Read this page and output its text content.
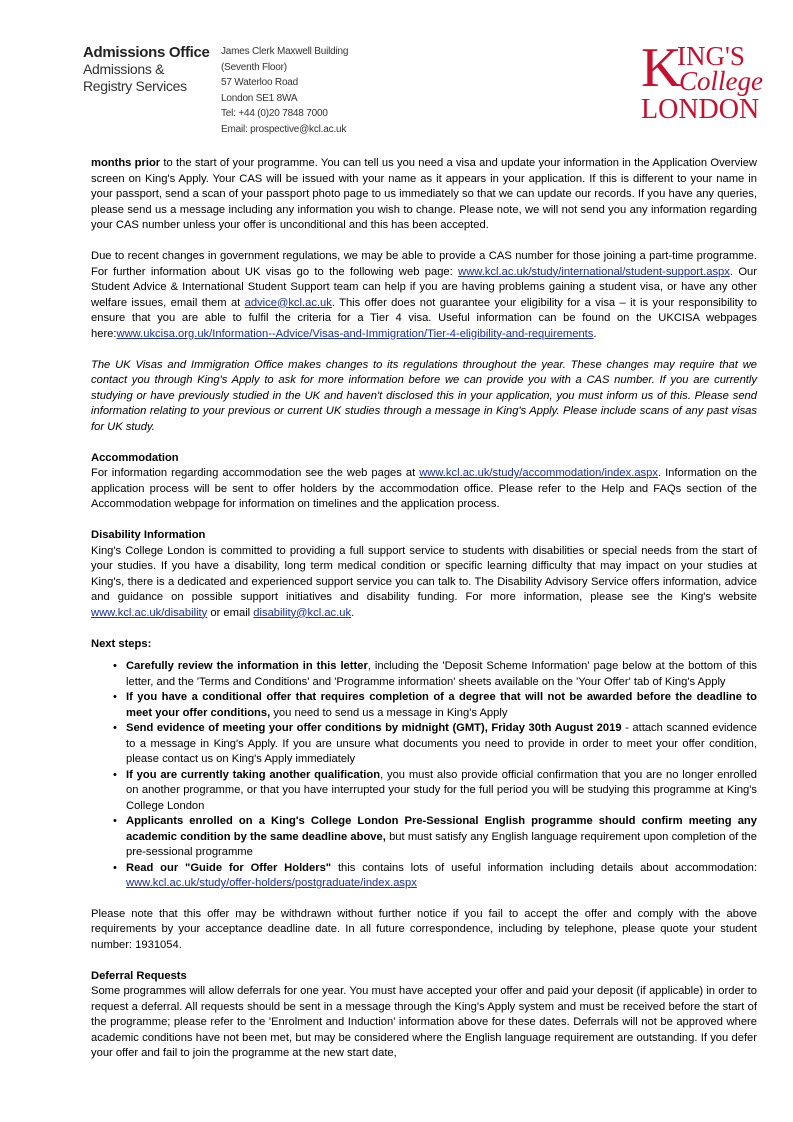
Admissions Office
Admissions &
Registry Services
James Clerk Maxwell Building
(Seventh Floor)
57 Waterloo Road
London SE1 8WA
Tel: +44 (0)20 7848 7000
Email: prospective@kcl.ac.uk
K
ING'S
College
LONDON

months prior to the start of your programme. You can tell us you need a visa and update your information in the Application Overview screen on King's Apply. Your CAS will be issued with your name as it appears in your application. If this is different to your name in your passport, send a scan of your passport photo page to us immediately so that we can update our records. If you have any queries, please send us a message including any information you wish to change. Please note, we will not send you any information regarding your CAS number unless your offer is unconditional and this has been accepted.

Due to recent changes in government regulations, we may be able to provide a CAS number for those joining a part-time programme. For further information about UK visas go to the following web page: www.kcl.ac.uk/study/international/student-support.aspx. Our Student Advice & International Student Support team can help if you are having problems gaining a student visa, or have any other welfare issues, email them at advice@kcl.ac.uk. This offer does not guarantee your eligibility for a visa – it is your responsibility to ensure that you are able to fulfil the criteria for a Tier 4 visa. Useful information can be found on the UKCISA webpages here:www.ukcisa.org.uk/Information--Advice/Visas-and-Immigration/Tier-4-eligibility-and-requirements.

The UK Visas and Immigration Office makes changes to its regulations throughout the year. These changes may require that we contact you through King's Apply to ask for more information before we can provide you with a CAS number. If you are currently studying or have previously studied in the UK and haven't disclosed this in your application, you must inform us of this. Please send information relating to your previous or current UK studies through a message in King's Apply. Please include scans of any past visas for UK study.

Accommodation

For information regarding accommodation see the web pages at www.kcl.ac.uk/study/accommodation/index.aspx. Information on the application process will be sent to offer holders by the accommodation office. Please refer to the Help and FAQs section of the Accommodation webpage for information on timelines and the application process.

Disability Information

King's College London is committed to providing a full support service to students with disabilities or special needs from the start of your studies. If you have a disability, long term medical condition or specific learning difficulty that may impact on your studies at King's, there is a dedicated and experienced support service you can talk to. The Disability Advisory Service offers information, advice and guidance on possible support initiatives and disability funding. For more information, please see the King's website www.kcl.ac.uk/disability or email disability@kcl.ac.uk.

Next steps:
• Carefully review the information in this letter, including the 'Deposit Scheme Information' page below at the bottom of this letter, and the 'Terms and Conditions' and 'Programme information' sheets available on the 'Your Offer' tab of King's Apply
• If you have a conditional offer that requires completion of a degree that will not be awarded before the deadline to meet your offer conditions, you need to send us a message in King's Apply
• Send evidence of meeting your offer conditions by midnight (GMT), Friday 30th August 2019 - attach scanned evidence to a message in King's Apply. If you are unsure what documents you need to provide in order to meet your offer condition, please contact us on King's Apply immediately
• If you are currently taking another qualification, you must also provide official confirmation that you are no longer enrolled on another programme, or that you have interrupted your study for the full period you will be studying this programme at King's College London
• Applicants enrolled on a King's College London Pre-Sessional English programme should confirm meeting any academic condition by the same deadline above, but must satisfy any English language requirement upon completion of the pre-sessional programme
• Read our "Guide for Offer Holders" this contains lots of useful information including details about accommodation: www.kcl.ac.uk/study/offer-holders/postgraduate/index.aspx

Please note that this offer may be withdrawn without further notice if you fail to accept the offer and comply with the above requirements by your acceptance deadline date. In all future correspondence, including by telephone, please quote your student number: 1931054.

Deferral Requests

Some programmes will allow deferrals for one year. You must have accepted your offer and paid your deposit (if applicable) in order to request a deferral. All requests should be sent in a message through the King's Apply system and must be received before the start of the programme; please refer to the 'Enrolment and Induction' information above for these dates. Deferrals will not be approved where academic conditions have not been met, but may be considered where the English language requirement are outstanding. If you defer your offer and fail to join the programme at the new start date,
